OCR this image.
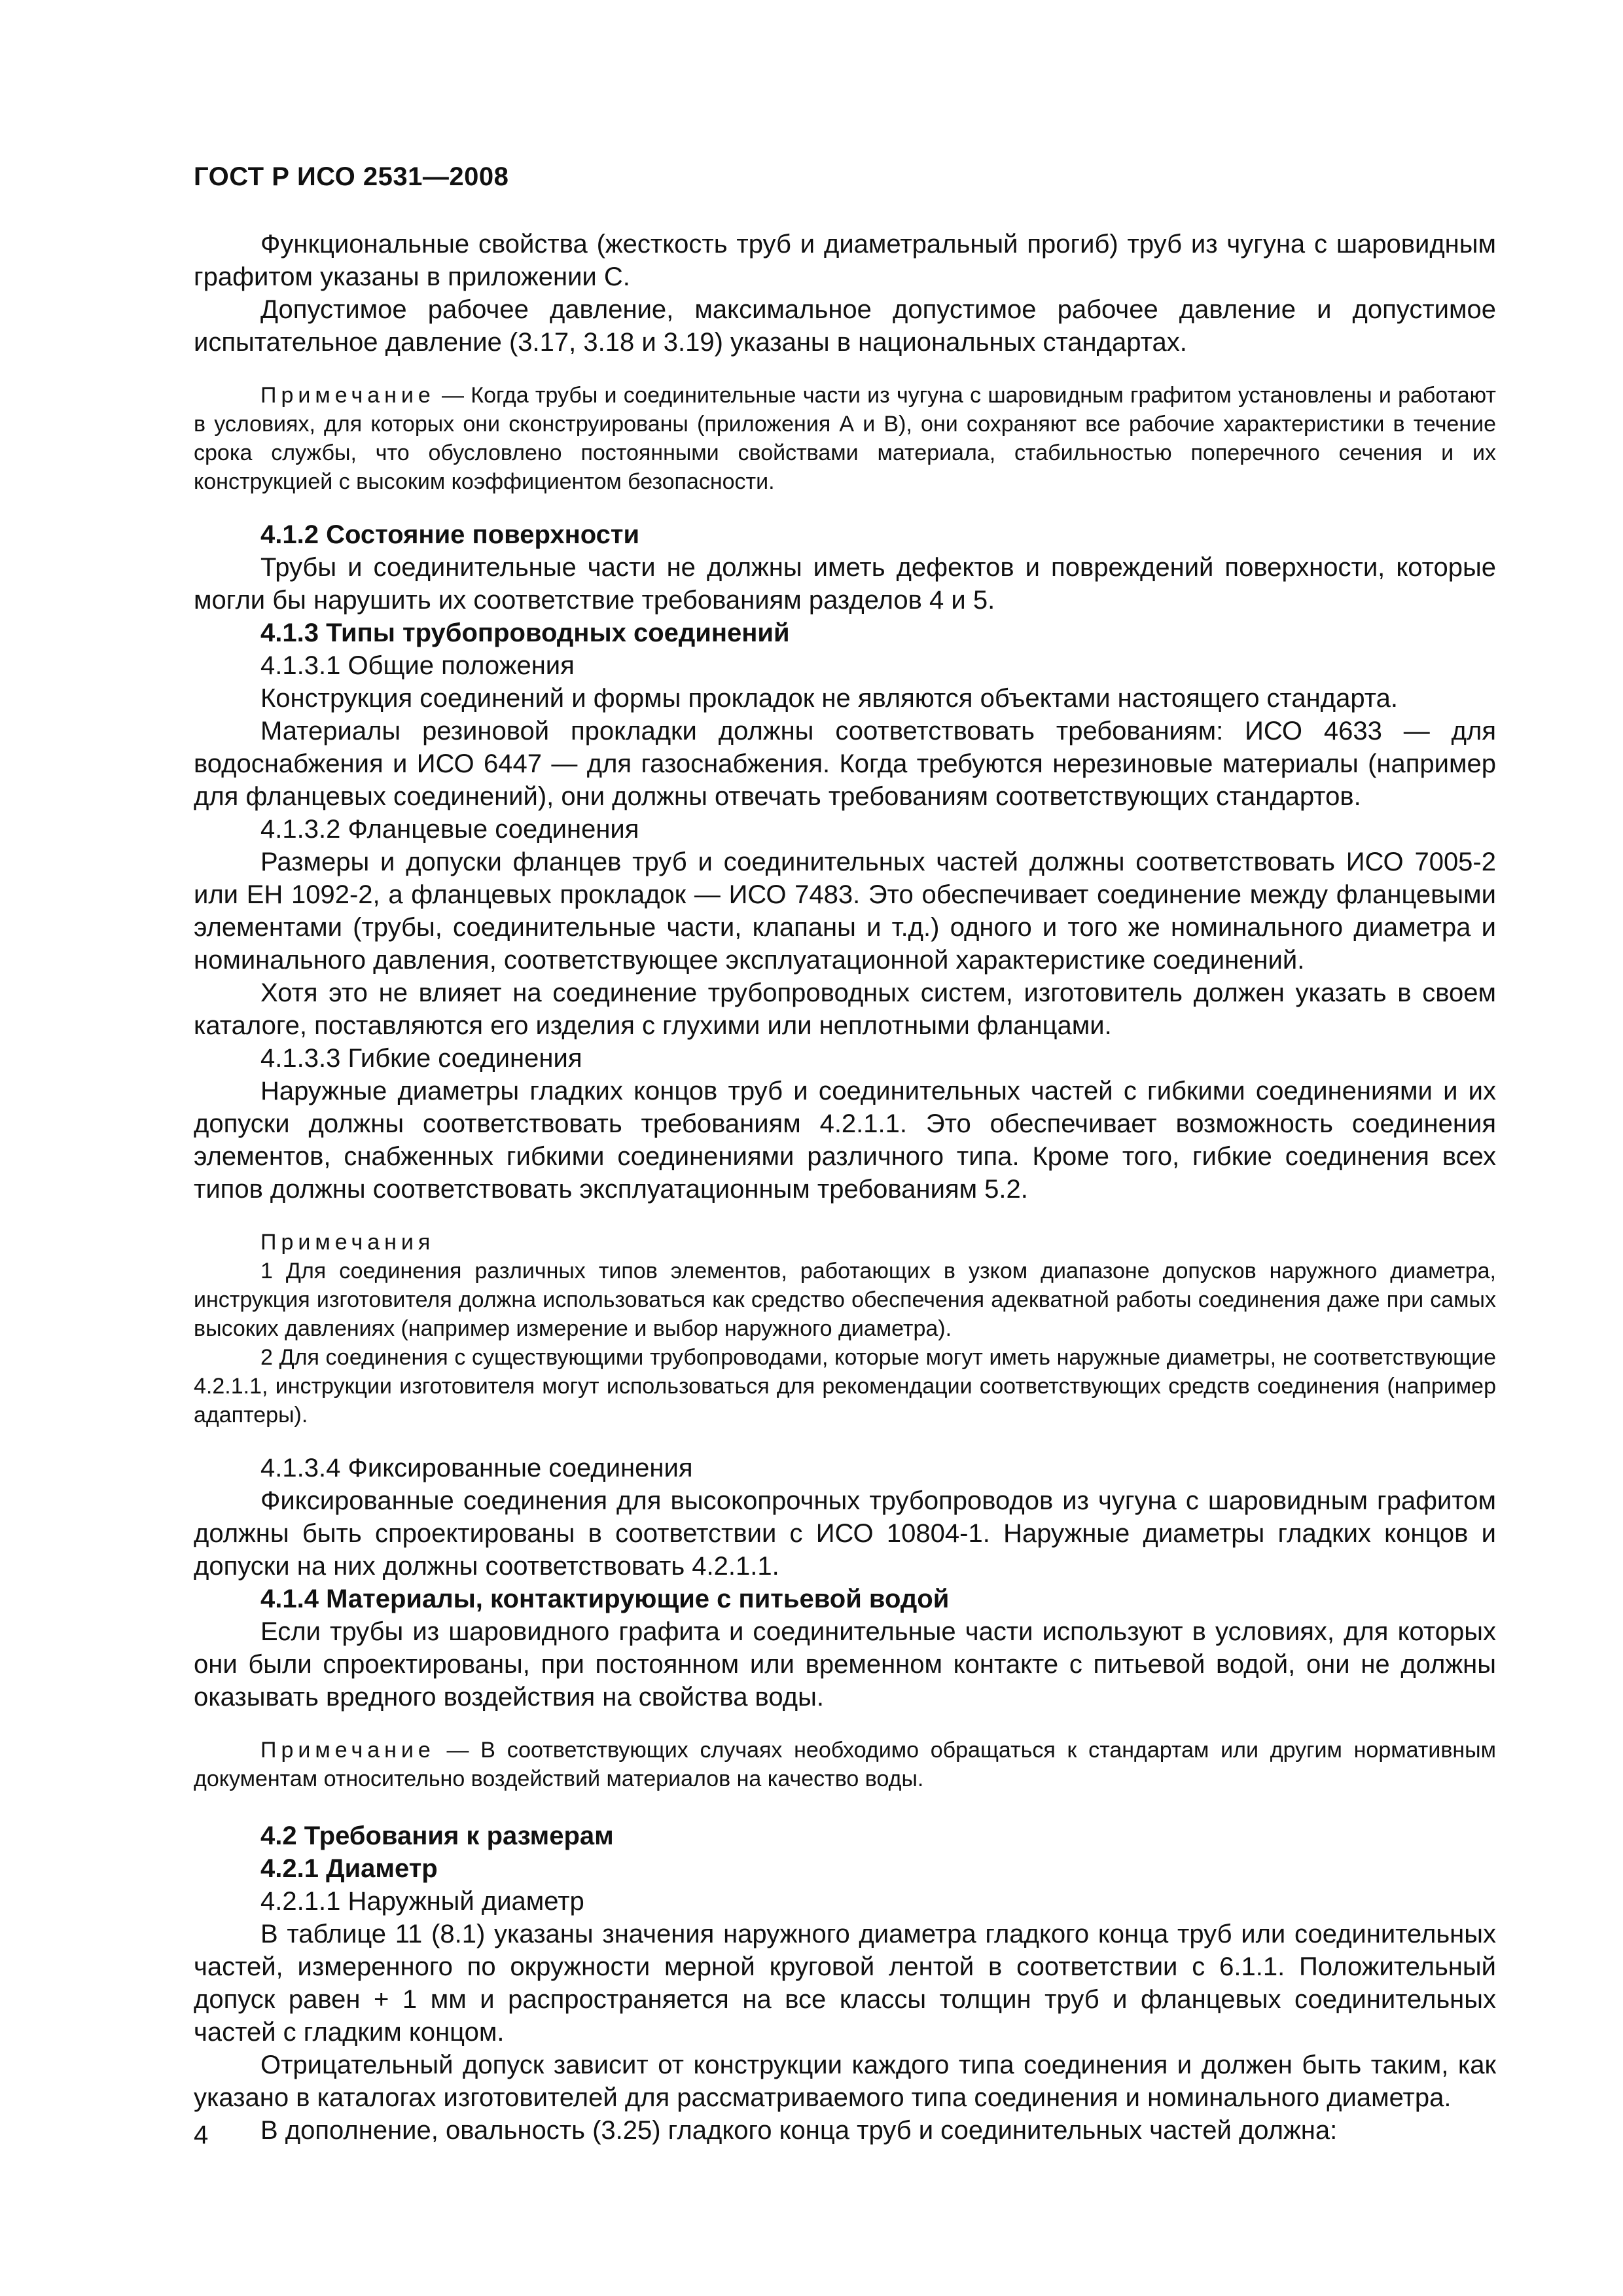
ГОСТ Р ИСО 2531—2008

Функциональные свойства (жесткость труб и диаметральный прогиб) труб из чугуна с шаровидным графитом указаны в приложении С.

Допустимое рабочее давление, максимальное допустимое рабочее давление и допустимое испытательное давление (3.17, 3.18 и 3.19) указаны в национальных стандартах.

Примечание — Когда трубы и соединительные части из чугуна с шаровидным графитом установлены и работают в условиях, для которых они сконструированы (приложения А и В), они сохраняют все рабочие характеристики в течение срока службы, что обусловлено постоянными свойствами материала, стабильностью поперечного сечения и их конструкцией с высоким коэффициентом безопасности.

4.1.2 Состояние поверхности

Трубы и соединительные части не должны иметь дефектов и повреждений поверхности, которые могли бы нарушить их соответствие требованиям разделов 4 и 5.

4.1.3 Типы трубопроводных соединений

4.1.3.1 Общие положения

Конструкция соединений и формы прокладок не являются объектами настоящего стандарта.

Материалы резиновой прокладки должны соответствовать требованиям: ИСО 4633 — для водоснабжения и ИСО 6447 — для газоснабжения. Когда требуются нерезиновые материалы (например для фланцевых соединений), они должны отвечать требованиям соответствующих стандартов.

4.1.3.2 Фланцевые соединения

Размеры и допуски фланцев труб и соединительных частей должны соответствовать ИСО 7005-2 или ЕН 1092-2, а фланцевых прокладок — ИСО 7483. Это обеспечивает соединение между фланцевыми элементами (трубы, соединительные части, клапаны и т.д.) одного и того же номинального диаметра и номинального давления, соответствующее эксплуатационной характеристике соединений.

Хотя это не влияет на соединение трубопроводных систем, изготовитель должен указать в своем каталоге, поставляются его изделия с глухими или неплотными фланцами.

4.1.3.3 Гибкие соединения

Наружные диаметры гладких концов труб и соединительных частей с гибкими соединениями и их допуски должны соответствовать требованиям 4.2.1.1. Это обеспечивает возможность соединения элементов, снабженных гибкими соединениями различного типа. Кроме того, гибкие соединения всех типов должны соответствовать эксплуатационным требованиям 5.2.

Примечания

1 Для соединения различных типов элементов, работающих в узком диапазоне допусков наружного диаметра, инструкция изготовителя должна использоваться как средство обеспечения адекватной работы соединения даже при самых высоких давлениях (например измерение и выбор наружного диаметра).

2 Для соединения с существующими трубопроводами, которые могут иметь наружные диаметры, не соответствующие 4.2.1.1, инструкции изготовителя могут использоваться для рекомендации соответствующих средств соединения (например адаптеры).

4.1.3.4 Фиксированные соединения

Фиксированные соединения для высокопрочных трубопроводов из чугуна с шаровидным графитом должны быть спроектированы в соответствии с ИСО 10804-1. Наружные диаметры гладких концов и допуски на них должны соответствовать 4.2.1.1.

4.1.4 Материалы, контактирующие с питьевой водой

Если трубы из шаровидного графита и соединительные части используют в условиях, для которых они были спроектированы, при постоянном или временном контакте с питьевой водой, они не должны оказывать вредного воздействия на свойства воды.

Примечание — В соответствующих случаях необходимо обращаться к стандартам или другим нормативным документам относительно воздействий материалов на качество воды.

4.2 Требования к размерам

4.2.1 Диаметр

4.2.1.1 Наружный диаметр

В таблице 11 (8.1) указаны значения наружного диаметра гладкого конца труб или соединительных частей, измеренного по окружности мерной круговой лентой в соответствии с 6.1.1. Положительный допуск равен + 1 мм и распространяется на все классы толщин труб и фланцевых соединительных частей с гладким концом.

Отрицательный допуск зависит от конструкции каждого типа соединения и должен быть таким, как указано в каталогах изготовителей для рассматриваемого типа соединения и номинального диаметра.

В дополнение, овальность (3.25) гладкого конца труб и соединительных частей должна:

4
